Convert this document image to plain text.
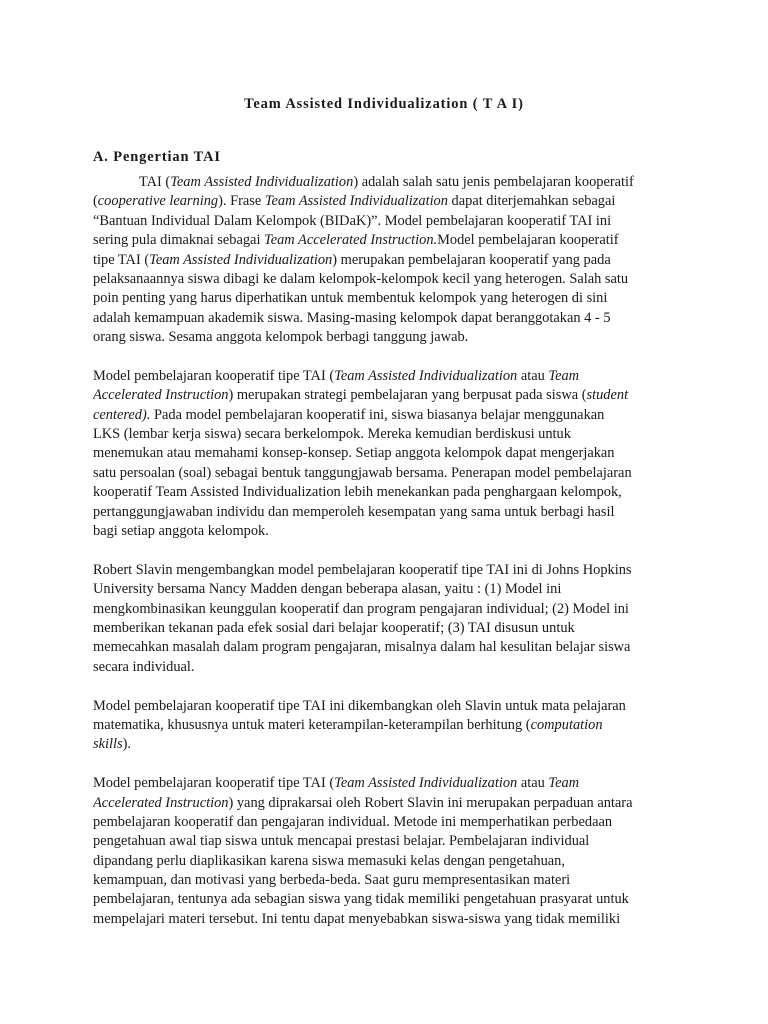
Team Assisted Individualization ( T A I)
A. Pengertian TAI
TAI (Team Assisted Individualization) adalah salah satu jenis pembelajaran kooperatif
(cooperative learning). Frase Team Assisted Individualization dapat diterjemahkan sebagai
“Bantuan Individual Dalam Kelompok (BIDaK)”. Model pembelajaran kooperatif TAI ini
sering pula dimaknai sebagai Team Accelerated Instruction.Model pembelajaran kooperatif
tipe TAI (Team Assisted Individualization) merupakan pembelajaran kooperatif yang pada
pelaksanaannya siswa dibagi ke dalam kelompok-kelompok kecil yang heterogen. Salah satu
poin penting yang harus diperhatikan untuk membentuk kelompok yang heterogen di sini
adalah kemampuan akademik siswa. Masing-masing kelompok dapat beranggotakan 4 - 5
orang siswa. Sesama anggota kelompok berbagi tanggung jawab.
Model pembelajaran kooperatif tipe TAI (Team Assisted Individualization atau Team
Accelerated Instruction) merupakan strategi pembelajaran yang berpusat pada siswa (student
centered). Pada model pembelajaran kooperatif ini, siswa biasanya belajar menggunakan
LKS (lembar kerja siswa) secara berkelompok. Mereka kemudian berdiskusi untuk
menemukan atau memahami konsep-konsep. Setiap anggota kelompok dapat mengerjakan
satu persoalan (soal) sebagai bentuk tanggungjawab bersama. Penerapan model pembelajaran
kooperatif Team Assisted Individualization lebih menekankan pada penghargaan kelompok,
pertanggungjawaban individu dan memperoleh kesempatan yang sama untuk berbagi hasil
bagi setiap anggota kelompok.
Robert Slavin mengembangkan model pembelajaran kooperatif tipe TAI ini di Johns Hopkins
University bersama Nancy Madden dengan beberapa alasan, yaitu : (1) Model ini
mengkombinasikan keunggulan kooperatif dan program pengajaran individual; (2) Model ini
memberikan tekanan pada efek sosial dari belajar kooperatif; (3) TAI disusun untuk
memecahkan masalah dalam program pengajaran, misalnya dalam hal kesulitan belajar siswa
secara individual.
Model pembelajaran kooperatif tipe TAI ini dikembangkan oleh Slavin untuk mata pelajaran
matematika, khususnya untuk materi keterampilan-keterampilan berhitung (computation
skills).
Model pembelajaran kooperatif tipe TAI (Team Assisted Individualization atau Team
Accelerated Instruction) yang diprakarsai oleh Robert Slavin ini merupakan perpaduan antara
pembelajaran kooperatif dan pengajaran individual. Metode ini memperhatikan perbedaan
pengetahuan awal tiap siswa untuk mencapai prestasi belajar. Pembelajaran individual
dipandang perlu diaplikasikan karena siswa memasuki kelas dengan pengetahuan,
kemampuan, dan motivasi yang berbeda-beda. Saat guru mempresentasikan materi
pembelajaran, tentunya ada sebagian siswa yang tidak memiliki pengetahuan prasyarat untuk
mempelajari materi tersebut. Ini tentu dapat menyebabkan siswa-siswa yang tidak memiliki
